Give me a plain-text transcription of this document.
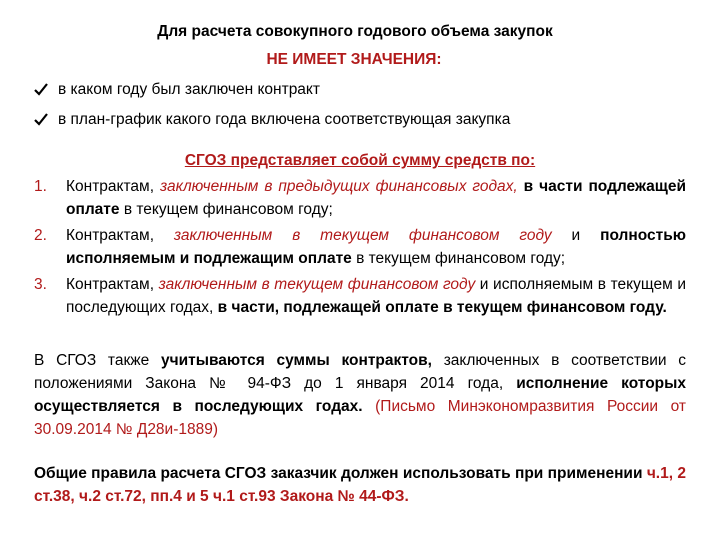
Для расчета совокупного годового объема закупок
НЕ ИМЕЕТ ЗНАЧЕНИЯ:
в каком году был заключен контракт
в план-график какого года включена соответствующая закупка
СГОЗ представляет собой сумму средств по:
1. Контрактам, заключенным в предыдущих финансовых годах, в части подлежащей оплате в текущем финансовом году;
2. Контрактам, заключенным в текущем финансовом году и полностью исполняемым и подлежащим оплате в текущем финансовом году;
3. Контрактам, заключенным в текущем финансовом году и исполняемым в текущем и последующих годах, в части, подлежащей оплате в текущем финансовом году.
В СГОЗ также учитываются суммы контрактов, заключенных в соответствии с положениями Закона № 94-ФЗ до 1 января 2014 года, исполнение которых осуществляется в последующих годах. (Письмо Минэкономразвития России от 30.09.2014 № Д28и-1889)
Общие правила расчета СГОЗ заказчик должен использовать при применении ч.1, 2 ст.38, ч.2 ст.72, пп.4 и 5 ч.1 ст.93 Закона № 44-ФЗ.
